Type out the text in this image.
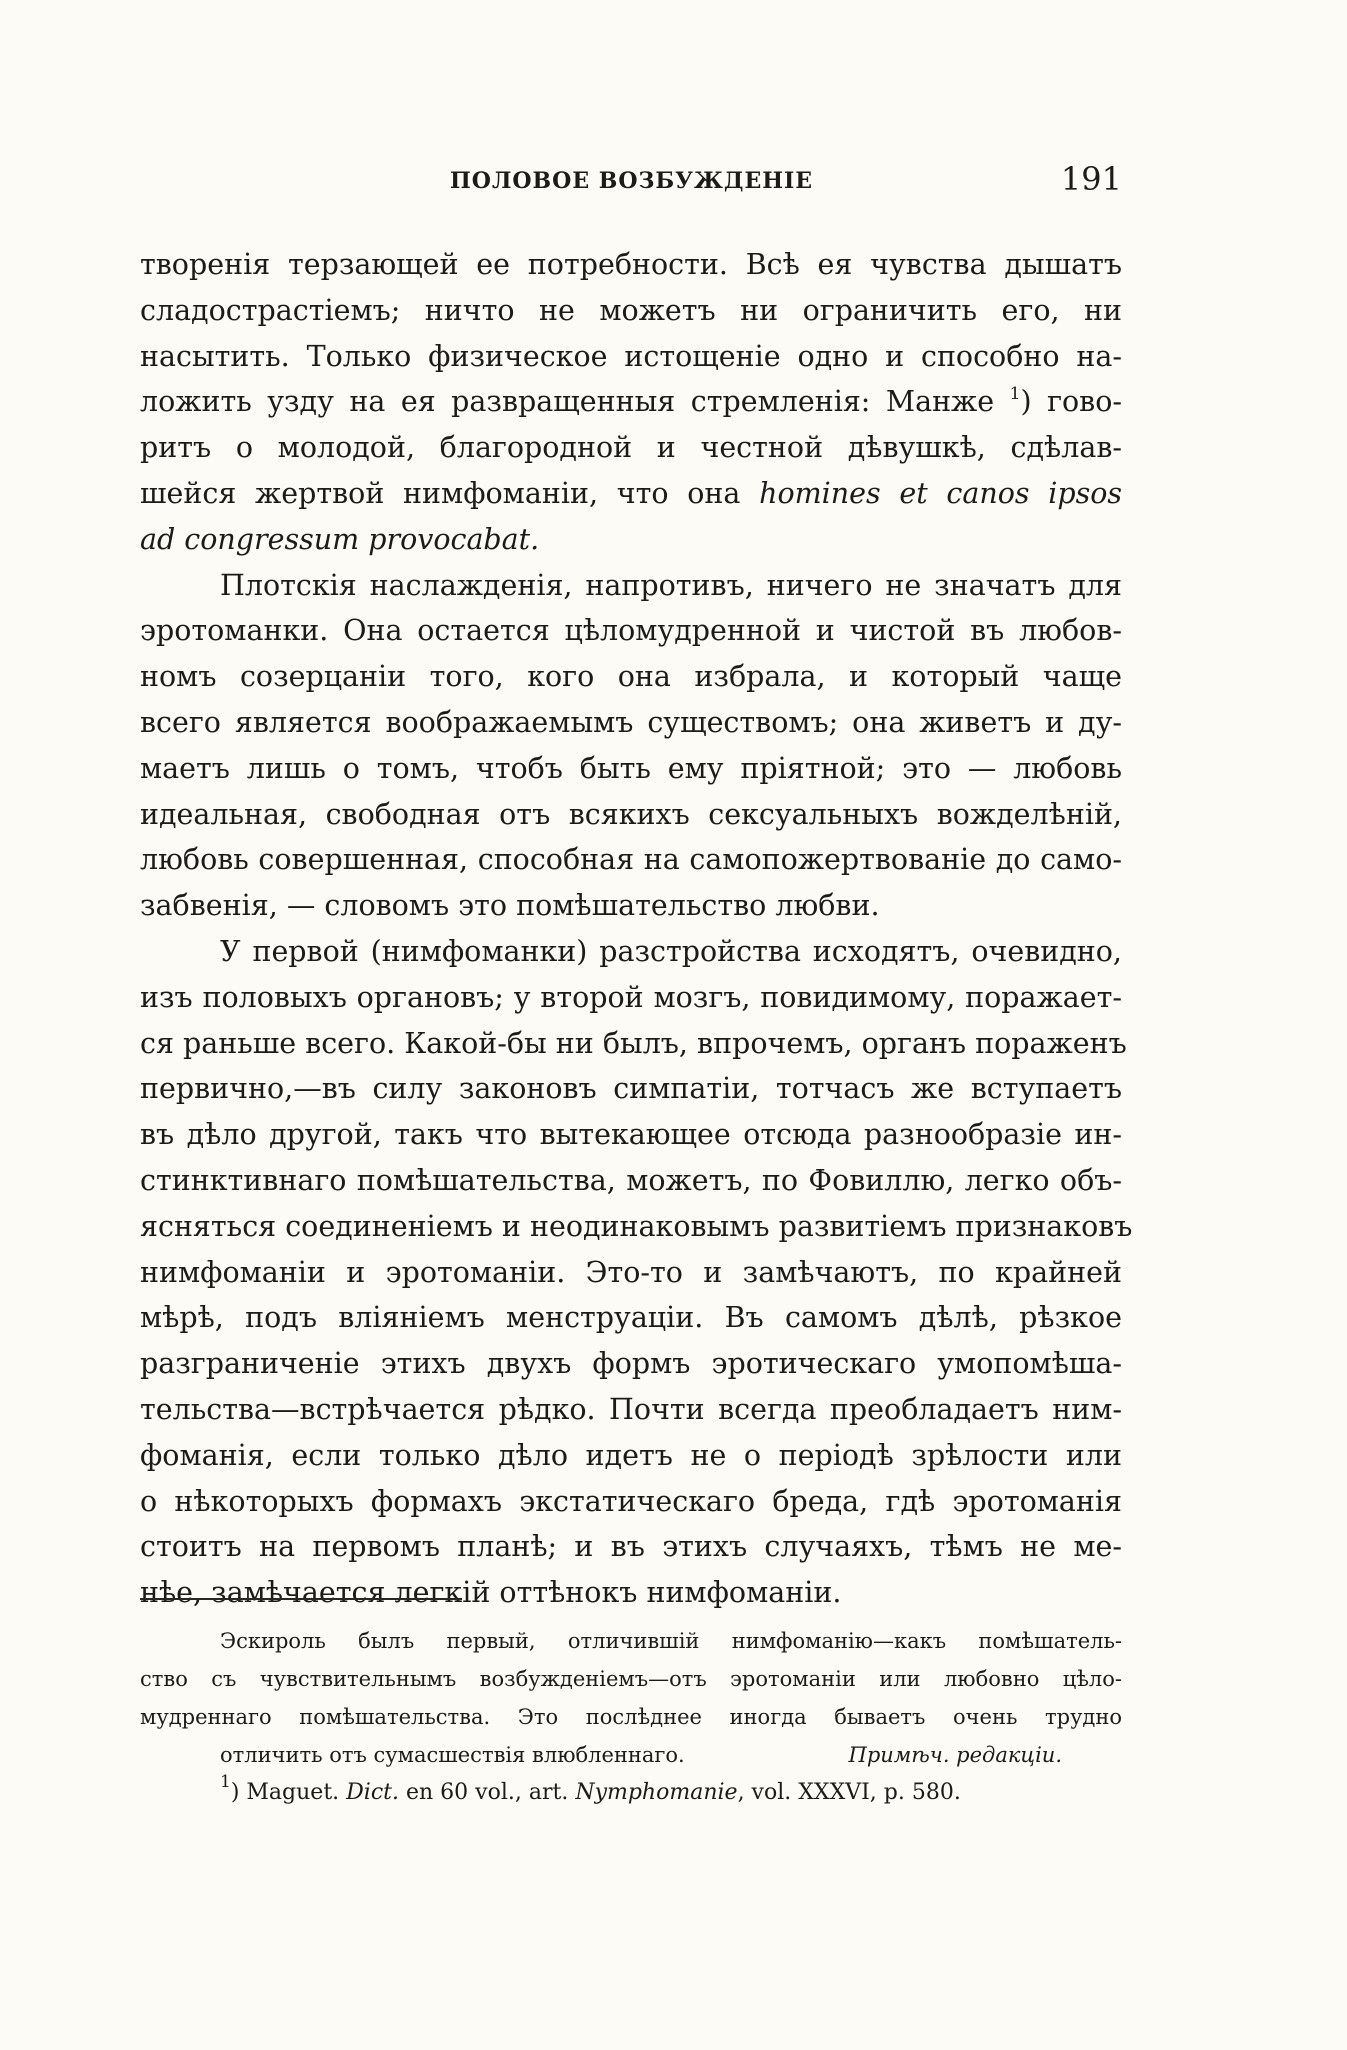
ПОЛОВОЕ ВОЗБУЖДЕНІЕ	191

творенія терзающей ее потребности. Всѣ ея чувства дышатъ
сладострастіемъ; ничто не можетъ ни ограничить его, ни
насытить. Только физическое истощеніе одно и способно на-
ложить узду на ея развращенныя стремленія: Манже $^1$) гово-
ритъ о молодой, благородной и честной дѣвушкѣ, сдѣлав-
шейся жертвой нимфоманіи, что она homines et canos ipsos
ad congressum provocabat.

Плотскія наслажденія, напротивъ, ничего не значатъ для

эротоманки. Она остается цѣломудренной и чистой въ любов-
номъ созерцаніи того, кого она избрала, и который чаще
всего является воображаемымъ существомъ; она живетъ и ду-
маетъ лишь о томъ, чтобъ быть ему пріятной; это — любовь
идеальная, свободная отъ всякихъ сексуальныхъ вожделѣній,
любовь совершенная, способная на самопожертвованіе до само-
забвенія, — словомъ это помѣшательство любви.

У первой (нимфоманки) разстройства исходятъ, очевидно,

изъ половыхъ органовъ; у второй мозгъ, повидимому, поражает-
ся раньше всего. Какой-бы ни былъ, впрочемъ, органъ пораженъ
первично,—въ силу законовъ симпатіи, тотчасъ же вступаетъ
въ дѣло другой, такъ что вытекающее отсюда разнообразіе ин-
стинктивнаго помѣшательства, можетъ, по Фовиллю, легко объ-
ясняться соединеніемъ и неодинаковымъ развитіемъ признаковъ
нимфоманіи и эротоманіи. Это-то и замѣчаютъ, по крайней
мѣрѣ, подъ вліяніемъ менструаціи. Въ самомъ дѣлѣ, рѣзкое
разграниченіе этихъ двухъ формъ эротическаго умопомѣша-
тельства—встрѣчается рѣдко. Почти всегда преобладаетъ ним-
фоманія, если только дѣло идетъ не о періодѣ зрѣлости или
о нѣкоторыхъ формахъ экстатическаго бреда, гдѣ эротоманія
стоитъ на первомъ планѣ; и въ этихъ случаяхъ, тѣмъ не ме-
нѣе, замѣчается легкій оттѣнокъ нимфоманіи.

Эскироль былъ первый, отличившій нимфоманію—какъ помѣшатель-
ство съ чувствительнымъ возбужденіемъ—отъ эротоманіи или любовно цѣло-
мудреннаго помѣшательства. Это послѣднее иногда бываетъ очень трудно
отличить отъ сумасшествія влюбленнаго.	Примѣч. редакціи.

$^1$) Maguet. Dict. en 60 vol., art. Nymphomanie, vol. XXXVI, p. 580.
